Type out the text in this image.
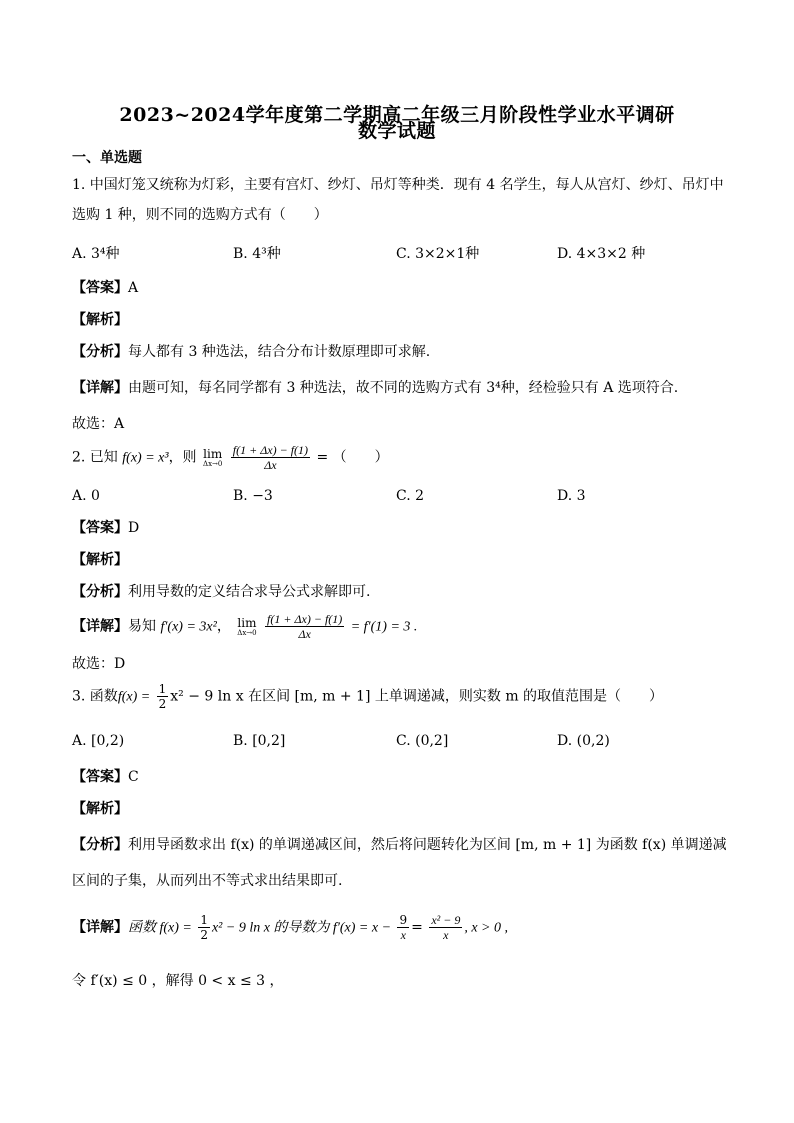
2023~2024学年度第二学期高二年级三月阶段性学业水平调研
数学试题
一、单选题
1. 中国灯笼又统称为灯彩，主要有宫灯、纱灯、吊灯等种类．现有 4 名学生，每人从宫灯、纱灯、吊灯中
选购 1 种，则不同的选购方式有（　　）
A. 3⁴种	B. 4³种	C. 3×2×1种	D. 4×3×2 种
【答案】A
【解析】
【分析】每人都有 3 种选法，结合分布计数原理即可求解.
【详解】由题可知，每名同学都有 3 种选法，故不同的选购方式有 3⁴种，经检验只有 A 选项符合.
故选：A
2. 已知 f(x) = x³，则 lim
Δx→0
$\frac{f(1 + \Delta x) - f(1)}{\Delta x}$ = （　　）
A. 0	B. −3	C. 2	D. 3
【答案】D
【解析】
【分析】利用导数的定义结合求导公式求解即可.
【详解】易知 f′(x) = 3x²， lim
Δx→0
$\frac{f(1 + \Delta x) - f(1)}{\Delta x} = f'(1) = 3$ .
故选：D
3. 函数$f(x) = \frac{1}{2} x^2 - 9$ ln x 在区间 [m, m + 1] 上单调递减，则实数 m 的取值范围是（　　）
A. [0,2)	B. [0,2]	C. (0,2]	D. (0,2)
【答案】C
【解析】
【分析】利用导函数求出 f(x) 的单调递减区间，然后将问题转化为区间 [m, m + 1] 为函数 f(x) 单调递减
区间的子集，从而列出不等式求出结果即可.
【详解】函数 $f(x) = \frac{1}{2} x^2 - 9$ ln x 的导数为 $f'(x) = x - \frac{9}{x} = \frac{\text{x² − 9}}{x}$ , x > 0 ,
令 f′(x) ≤ 0 ，解得 0 < x ≤ 3 ，
